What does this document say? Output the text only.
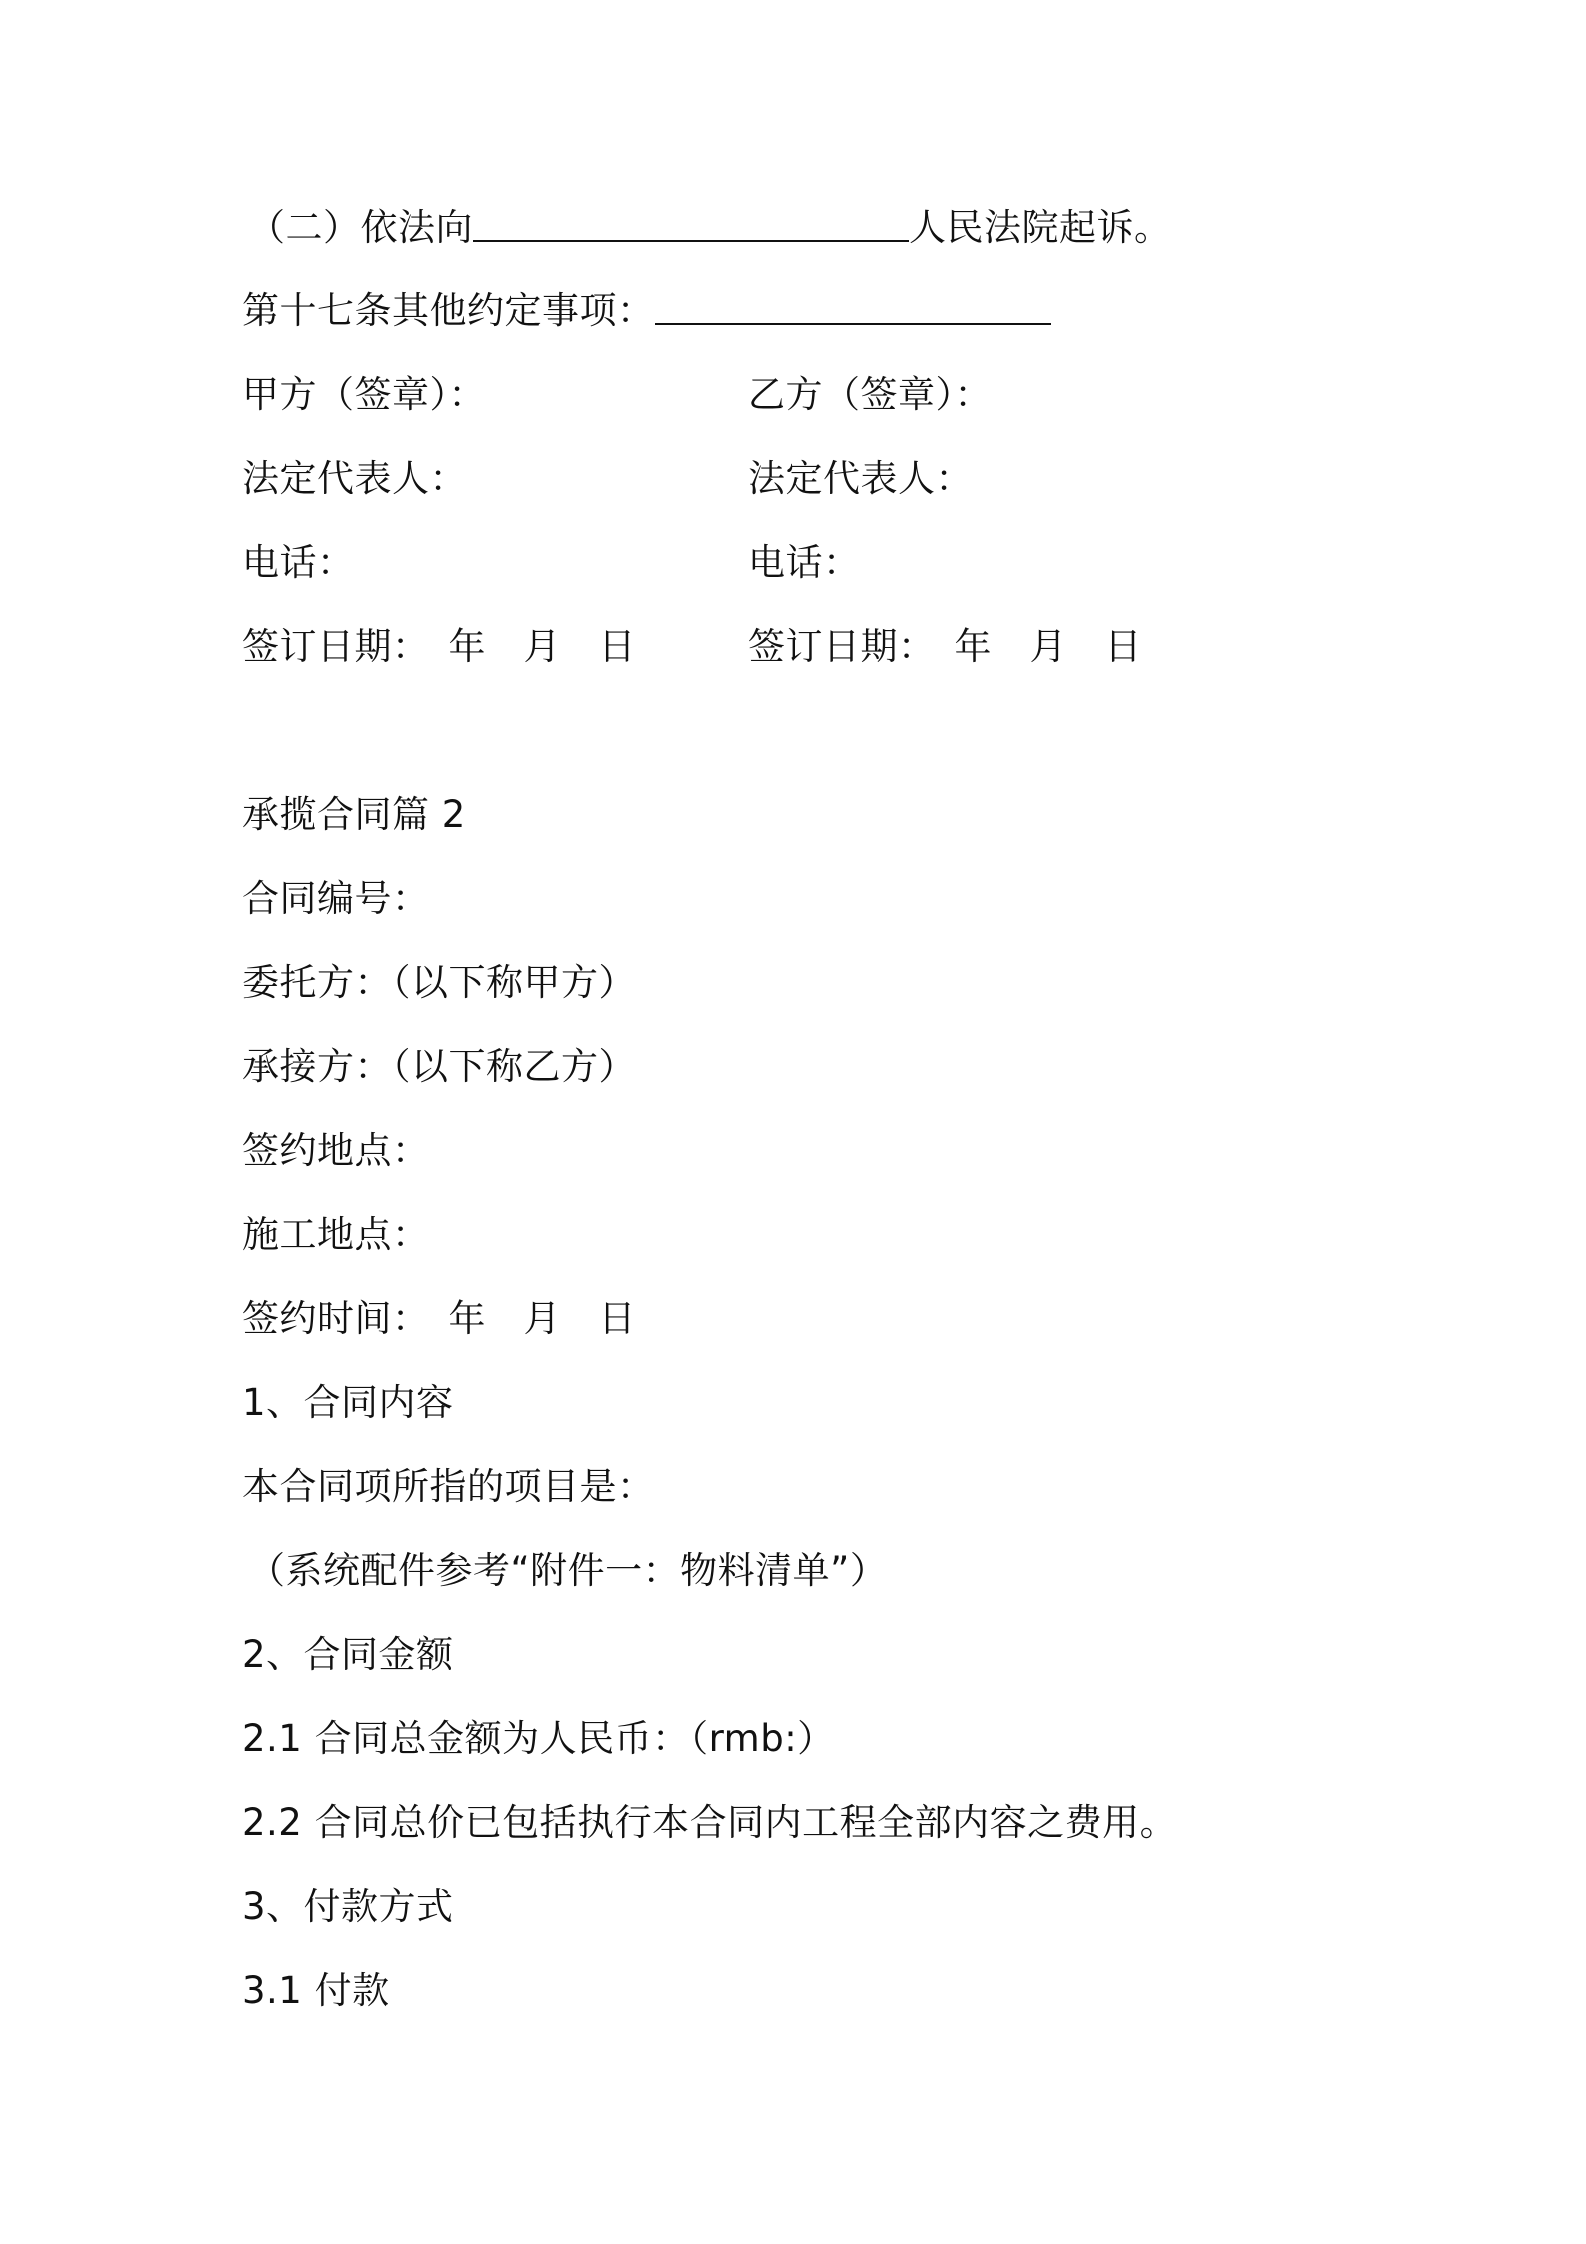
（二）依法向	人民法院起诉。
第十七条其他约定事项：
甲方（签章）：	乙方（签章）：
法定代表人：	法定代表人：
电话：	电话：
签订日期：　年　月　日	签订日期：　年　月　日
承揽合同篇 2
合同编号：
委托方：（以下称甲方）
承接方：（以下称乙方）
签约地点：
施工地点：
签约时间：　年　月　日
1、合同内容
本合同项所指的项目是：
（系统配件参考“附件一：物料清单”）
2、合同金额
2.1 合同总金额为人民币：（rmb:）
2.2 合同总价已包括执行本合同内工程全部内容之费用。
3、付款方式
3.1 付款
